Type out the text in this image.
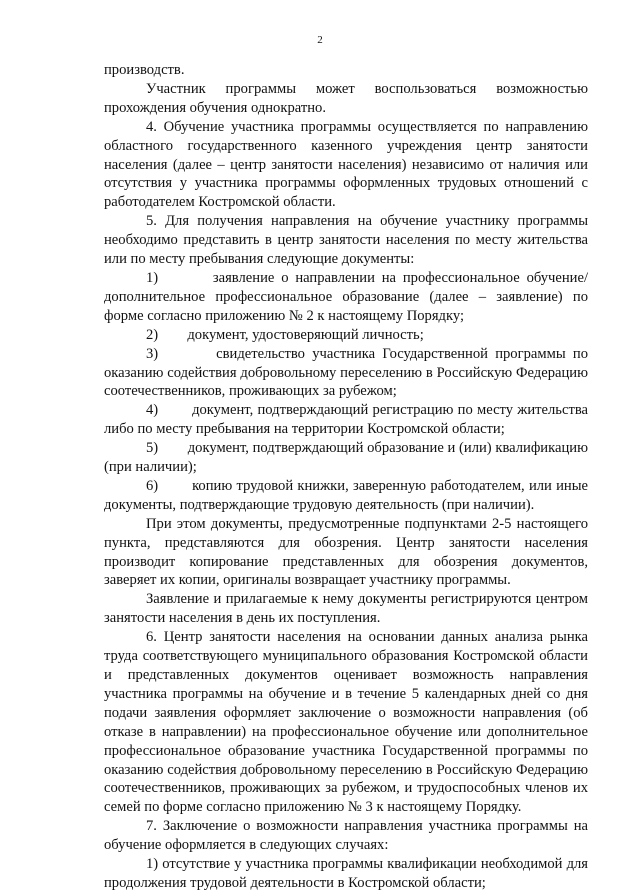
2

производств.

Участник программы может воспользоваться возможностью прохождения обучения однократно.

4. Обучение участника программы осуществляется по направлению областного государственного казенного учреждения центр занятости населения (далее – центр занятости населения) независимо от наличия или отсутствия у участника программы оформленных трудовых отношений с работодателем Костромской области.

5. Для получения направления на обучение участнику программы необходимо представить в центр занятости населения по месту жительства или по месту пребывания следующие документы:

1)        заявление о направлении на профессиональное обучение/дополнительное профессиональное образование (далее – заявление) по форме согласно приложению № 2 к настоящему Порядку;

2)        документ, удостоверяющий личность;

3)        свидетельство участника Государственной программы по оказанию содействия добровольному переселению в Российскую Федерацию соотечественников, проживающих за рубежом;

4)        документ, подтверждающий регистрацию по месту жительства либо по месту пребывания на территории Костромской области;

5)        документ, подтверждающий образование и (или) квалификацию (при наличии);

6)        копию трудовой книжки, заверенную работодателем, или иные документы, подтверждающие трудовую деятельность (при наличии).

При этом документы, предусмотренные подпунктами 2-5 настоящего пункта, представляются для обозрения. Центр занятости населения производит копирование представленных для обозрения документов, заверяет их копии, оригиналы возвращает участнику программы.

Заявление и прилагаемые к нему документы регистрируются центром занятости населения в день их поступления.

6. Центр занятости населения на основании данных анализа рынка труда соответствующего муниципального образования Костромской области и представленных документов оценивает возможность направления участника программы на обучение и в течение 5 календарных дней со дня подачи заявления оформляет заключение о возможности направления (об отказе в направлении) на профессиональное обучение или дополнительное профессиональное образование участника Государственной программы по оказанию содействия добровольному переселению в Российскую Федерацию соотечественников, проживающих за рубежом, и трудоспособных членов их семей по форме согласно приложению № 3 к настоящему Порядку.

7. Заключение о возможности направления участника программы на обучение оформляется в следующих случаях:

1) отсутствие у участника программы квалификации необходимой для продолжения трудовой деятельности в Костромской области;
